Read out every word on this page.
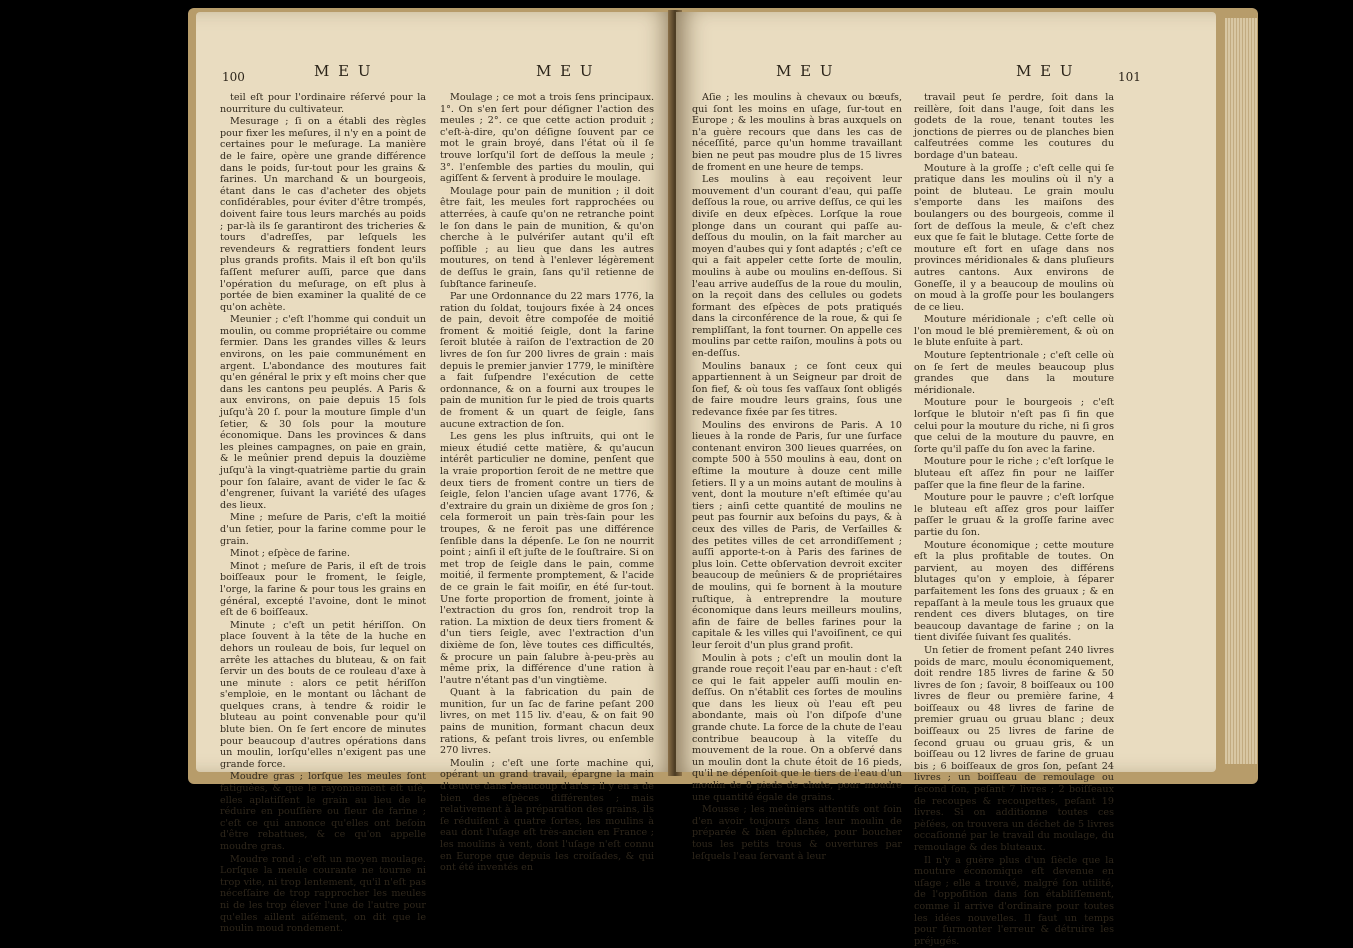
100	M E U	M E U

teil eſt pour l'ordinaire réſervé pour la nourriture du cultivateur.

Mesurage ; ſi on a établi des règles pour fixer les meſures, il n'y en a point de certaines pour le meſurage. La manière de le faire, opère une grande différence dans le poids, ſur-tout pour les grains & farines. Un marchand & un bourgeois, étant dans le cas d'acheter des objets conſidérables, pour éviter d'être trompés, doivent faire tous leurs marchés au poids ; par-là ils ſe garantiront des tricheries & tours d'adreſſes, par leſquels les revendeurs & regrattiers fondent leurs plus grands profits. Mais il eſt bon qu'ils faſſent meſurer auſſi, parce que dans l'opération du meſurage, on eſt plus à portée de bien examiner la qualité de ce qu'on achète.

Meunier ; c'eſt l'homme qui conduit un moulin, ou comme propriétaire ou comme fermier. Dans les grandes villes & leurs environs, on les paie communément en argent. L'abondance des moutures fait qu'en général le prix y eſt moins cher que dans les cantons peu peuplés. A Paris & aux environs, on paie depuis 15 ſols juſqu'à 20 ſ. pour la mouture ſimple d'un ſetier, & 30 ſols pour la mouture économique. Dans les provinces & dans les pleines campagnes, on paie en grain, & le meûnier prend depuis la douzième juſqu'à la vingt-quatrième partie du grain pour ſon ſalaire, avant de vider le ſac & d'engrener, ſuivant la variété des uſages des lieux.

Mine ; meſure de Paris, c'eſt la moitié d'un ſetier, pour la farine comme pour le grain.

Minot ; eſpèce de farine.

Minot ; meſure de Paris, il eſt de trois boiſſeaux pour le froment, le ſeigle, l'orge, la farine & pour tous les grains en général, excepté l'avoine, dont le minot eſt de 6 boiſſeaux.

Minute ; c'eſt un petit hériſſon. On place ſouvent à la tête de la huche en dehors un rouleau de bois, ſur lequel on arrête les attaches du bluteau, & on fait ſervir un des bouts de ce rouleau d'axe à une minute : alors ce petit hériſſon s'emploie, en le montant ou lâchant de quelques crans, à tendre & roidir le bluteau au point convenable pour qu'il blute bien. On ſe ſert encore de minutes pour beaucoup d'autres opérations dans un moulin, lorſqu'elles n'exigent pas une grande force.

Moudre gras ; lorſque les meules ſont fatiguées, & que le rayonnement eſt uſé, elles aplatiſſent le grain au lieu de le réduire en pouſſière ou fleur de farine ; c'eſt ce qui annonce qu'elles ont beſoin d'être rebattues, & ce qu'on appelle moudre gras.

Moudre rond ; c'eſt un moyen moulage. Lorſque la meule courante ne tourne ni trop vite, ni trop lentement, qu'il n'eſt pas néceſſaire de trop rapprocher les meules ni de les trop élever l'une de l'autre pour qu'elles aillent aiſément, on dit que le moulin moud rondement.

Moulage ; ce mot a trois ſens principaux. 1°. On s'en ſert pour déſigner l'action des meules ; 2°. ce que cette action produit ; c'eſt-à-dire, qu'on déſigne ſouvent par ce mot le grain broyé, dans l'état où il ſe trouve lorſqu'il ſort de deſſous la meule ; 3°. l'enſemble des parties du moulin, qui agiſſent & ſervent à produire le moulage.

Moulage pour pain de munition ; il doit être fait, les meules fort rapprochées ou atterrées, à cauſe qu'on ne retranche point le ſon dans le pain de munition, & qu'on cherche à le pulvériſer autant qu'il eſt poſſible ; au lieu que dans les autres moutures, on tend à l'enlever légèrement de deſſus le grain, ſans qu'il retienne de ſubſtance farineuſe.

Par une Ordonnance du 22 mars 1776, la ration du ſoldat, toujours fixée à 24 onces de pain, devoit être compoſée de moitié froment & moitié ſeigle, dont la farine ſeroit blutée à raiſon de l'extraction de 20 livres de ſon ſur 200 livres de grain : mais depuis le premier janvier 1779, le miniſtère a fait ſuſpendre l'exécution de cette ordonnance, & on a fourni aux troupes le pain de munition ſur le pied de trois quarts de froment & un quart de ſeigle, ſans aucune extraction de ſon.

Les gens les plus inſtruits, qui ont le mieux étudié cette matière, & qu'aucun intérêt particulier ne domine, penſent que la vraie proportion ſeroit de ne mettre que deux tiers de froment contre un tiers de ſeigle, ſelon l'ancien uſage avant 1776, & d'extraire du grain un dixième de gros ſon ; cela formeroit un pain très-ſain pour les troupes, & ne feroit pas une différence ſenſible dans la dépenſe. Le ſon ne nourrit point ; ainſi il eſt juſte de le ſouſtraire. Si on met trop de ſeigle dans le pain, comme moitié, il fermente promptement, & l'acide de ce grain le fait moiſir, en été ſur-tout. Une forte proportion de froment, jointe à l'extraction du gros ſon, rendroit trop la ration. La mixtion de deux tiers froment & d'un tiers ſeigle, avec l'extraction d'un dixième de ſon, lève toutes ces difficultés, & procure un pain ſalubre à-peu-près au même prix, la différence d'une ration à l'autre n'étant pas d'un vingtième.

Quant à la fabrication du pain de munition, ſur un ſac de farine peſant 200 livres, on met 115 liv. d'eau, & on fait 90 pains de munition, formant chacun deux rations, & peſant trois livres, ou enſemble 270 livres.

Moulin ; c'eſt une ſorte machine qui, opérant un grand travail, épargne la main d'œuvre dans beaucoup d'arts ; il y en a de bien des eſpèces différentes ; mais relativement à la préparation des grains, ils ſe réduiſent à quatre ſortes, les moulins à eau dont l'uſage eſt très-ancien en France ; les moulins à vent, dont l'uſage n'eſt connu en Europe que depuis les croiſades, & qui ont été inventés en

M E U	M E U	101

Aſie ; les moulins à chevaux ou bœufs, qui ſont les moins en uſage, ſur-tout en Europe ; & les moulins à bras auxquels on n'a guère recours que dans les cas de néceſſité, parce qu'un homme travaillant bien ne peut pas moudre plus de 15 livres de froment en une heure de temps.

Les moulins à eau reçoivent leur mouvement d'un courant d'eau, qui paſſe deſſous la roue, ou arrive deſſus, ce qui les diviſe en deux eſpèces. Lorſque la roue plonge dans un courant qui paſſe au-deſſous du moulin, on la fait marcher au moyen d'aubes qui y ſont adaptés ; c'eſt ce qui a fait appeler cette ſorte de moulin, moulins à aube ou moulins en-deſſous. Si l'eau arrive audeſſus de la roue du moulin, on la reçoit dans des cellules ou godets formant des eſpèces de pots pratiqués dans la circonférence de la roue, & qui ſe rempliſſant, la font tourner. On appelle ces moulins par cette raiſon, moulins à pots ou en-deſſus.

Moulins banaux ; ce ſont ceux qui appartiennent à un Seigneur par droit de ſon fief, & où tous ſes vaſſaux ſont obligés de faire moudre leurs grains, ſous une redevance fixée par ſes titres.

Moulins des environs de Paris. A 10 lieues à la ronde de Paris, ſur une ſurface contenant environ 300 lieues quarrées, on compte 500 à 550 moulins à eau, dont on eſtime la mouture à douze cent mille ſetiers. Il y a un moins autant de moulins à vent, dont la mouture n'eſt eſtimée qu'au tiers ; ainſi cette quantité de moulins ne peut pas fournir aux beſoins du pays, & à ceux des villes de Paris, de Verſailles & des petites villes de cet arrondiſſement ; auſſi apporte-t-on à Paris des farines de plus loin. Cette obſervation devroit exciter beaucoup de meûniers & de propriétaires de moulins, qui ſe bornent à la mouture ruſtique, à entreprendre la mouture économique dans leurs meilleurs moulins, afin de faire de belles farines pour la capitale & les villes qui l'avoiſinent, ce qui leur ſeroit d'un plus grand profit.

Moulin à pots ; c'eſt un moulin dont la grande roue reçoit l'eau par en-haut : c'eſt ce qui le fait appeler auſſi moulin en-deſſus. On n'établit ces ſortes de moulins que dans les lieux où l'eau eſt peu abondante, mais où l'on diſpoſe d'une grande chute. La force de la chute de l'eau contribue beaucoup à la viteſſe du mouvement de la roue. On a obſervé dans un moulin dont la chute étoit de 16 pieds, qu'il ne dépenſoit que le tiers de l'eau d'un moulin de 8 pieds de chute, pour moudre une quantité égale de grains.

Mousse ; les meûniers attentifs ont ſoin d'en avoir toujours dans leur moulin de préparée & bien épluchée, pour boucher tous les petits trous & ouvertures par leſquels l'eau ſervant à leur

travail peut ſe perdre, ſoit dans la reillère, ſoit dans l'auge, ſoit dans les godets de la roue, tenant toutes les jonctions de pierres ou de planches bien calfeutrées comme les coutures du bordage d'un bateau.

Mouture à la groſſe ; c'eſt celle qui ſe pratique dans les moulins où il n'y a point de bluteau. Le grain moulu s'emporte dans les maiſons des boulangers ou des bourgeois, comme il ſort de deſſous la meule, & c'eſt chez eux que ſe fait le blutage. Cette ſorte de mouture eſt fort en uſage dans nos provinces méridionales & dans pluſieurs autres cantons. Aux environs de Goneſſe, il y a beaucoup de moulins où on moud à la groſſe pour les boulangers de ce lieu.

Mouture méridionale ; c'eſt celle où l'on moud le blé premièrement, & où on le blute enſuite à part.

Mouture ſeptentrionale ; c'eſt celle où on ſe ſert de meules beaucoup plus grandes que dans la mouture méridionale.

Mouture pour le bourgeois ; c'eſt lorſque le blutoir n'eſt pas ſi fin que celui pour la mouture du riche, ni ſi gros que celui de la mouture du pauvre, en ſorte qu'il paſſe du ſon avec la farine.

Mouture pour le riche ; c'eſt lorſque le bluteau eſt aſſez fin pour ne laiſſer paſſer que la fine fleur de la farine.

Mouture pour le pauvre ; c'eſt lorſque le bluteau eſt aſſez gros pour laiſſer paſſer le gruau & la groſſe farine avec partie du ſon.

Mouture économique ; cette mouture eſt la plus profitable de toutes. On parvient, au moyen des différens blutages qu'on y emploie, à ſéparer parfaitement les ſons des gruaux ; & en repaſſant à la meule tous les gruaux que rendent ces divers blutages, on tire beaucoup davantage de farine ; on la tient diviſée ſuivant ſes qualités.

Un ſetier de froment peſant 240 livres poids de marc, moulu économiquement, doit rendre 185 livres de farine & 50 livres de ſon ; ſavoir, 8 boiſſeaux ou 100 livres de fleur ou première farine, 4 boiſſeaux ou 48 livres de farine de premier gruau ou gruau blanc ; deux boiſſeaux ou 25 livres de farine de ſecond gruau ou gruau gris, & un boiſſeau ou 12 livres de farine de gruau bis ; 6 boiſſeaux de gros ſon, peſant 24 livres ; un boiſſeau de remoulage ou ſecond ſon, peſant 7 livres ; 2 boiſſeaux de recoupes & recoupettes, peſant 19 livres. Si on additionne toutes ces pèſées, on trouvera un déchet de 5 livres occaſionné par le travail du moulage, du remoulage & des bluteaux.

Il n'y a guère plus d'un ſiècle que la mouture économique eſt devenue en uſage ; elle a trouvé, malgré ſon utilité, de l'oppoſition dans ſon établiſſement, comme il arrive d'ordinaire pour toutes les idées nouvelles. Il faut un temps pour ſurmonter l'erreur & détruire les préjugés.
